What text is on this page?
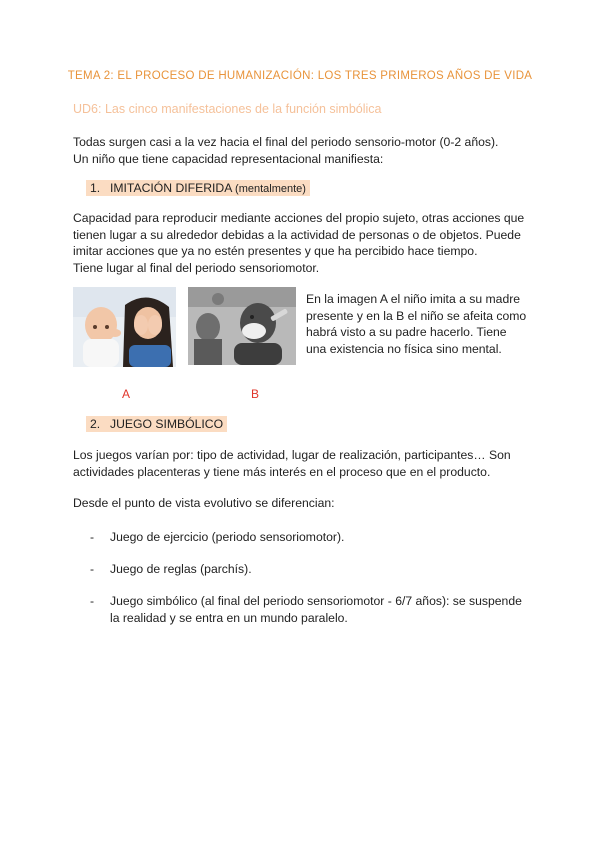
TEMA 2: EL PROCESO DE HUMANIZACIÓN: LOS TRES PRIMEROS AÑOS DE VIDA
UD6: Las cinco manifestaciones de la función simbólica
Todas surgen casi a la vez hacia el final del periodo sensorio-motor (0-2 años).
Un niño que tiene capacidad representacional manifiesta:
1. IMITACIÓN DIFERIDA (mentalmente)
Capacidad para reproducir mediante acciones del propio sujeto, otras acciones que
tienen lugar a su alrededor debidas a la actividad de personas o de objetos. Puede
imitar acciones que ya no estén presentes y que ha percibido hace tiempo.
Tiene lugar al final del periodo sensoriomotor.
En la imagen A el niño imita a su madre
presente y en la B el niño se afeita como
habrá visto a su padre hacerlo. Tiene
una existencia no física sino mental.
A	B
2. JUEGO SIMBÓLICO
Los juegos varían por: tipo de actividad, lugar de realización, participantes… Son
actividades placenteras y tiene más interés en el proceso que en el producto.
Desde el punto de vista evolutivo se diferencian:
- Juego de ejercicio (periodo sensoriomotor).
- Juego de reglas (parchís).
- Juego simbólico (al final del periodo sensoriomotor - 6/7 años): se suspende
la realidad y se entra en un mundo paralelo.
